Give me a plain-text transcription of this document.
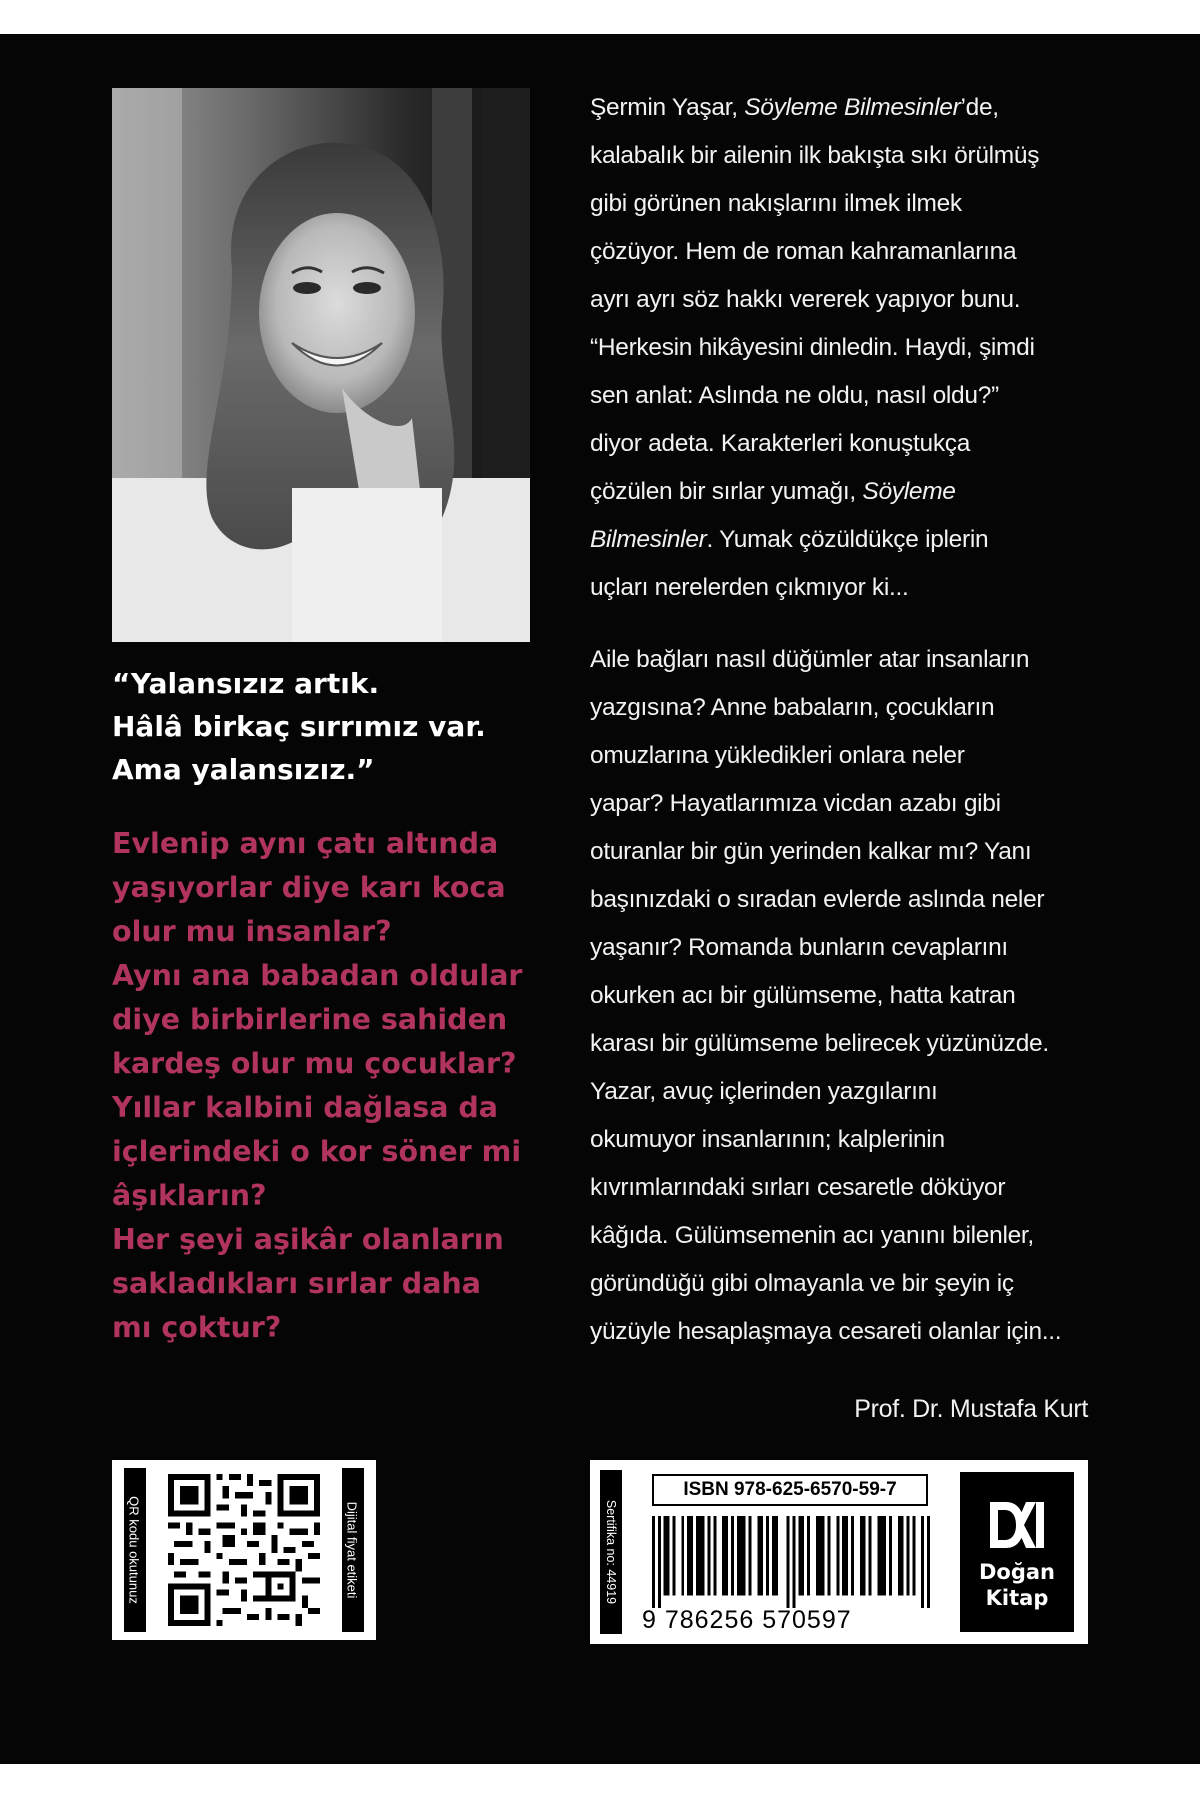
“Yalansızız artık.
Hâlâ birkaç sırrımız var.
Ama yalansızız.”
Evlenip aynı çatı altında
yaşıyorlar diye karı koca
olur mu insanlar?
Aynı ana babadan oldular
diye birbirlerine sahiden
kardeş olur mu çocuklar?
Yıllar kalbini dağlasa da
içlerindeki o kor söner mi
âşıkların?
Her şeyi aşikâr olanların
sakladıkları sırlar daha
mı çoktur?
Şermin Yaşar, Söyleme Bilmesinler’de,
kalabalık bir ailenin ilk bakışta sıkı örülmüş
gibi görünen nakışlarını ilmek ilmek
çözüyor. Hem de roman kahramanlarına
ayrı ayrı söz hakkı vererek yapıyor bunu.
“Herkesin hikâyesini dinledin. Haydi, şimdi
sen anlat: Aslında ne oldu, nasıl oldu?”
diyor adeta. Karakterleri konuştukça
çözülen bir sırlar yumağı, Söyleme
Bilmesinler. Yumak çözüldükçe iplerin
uçları nerelerden çıkmıyor ki...
Aile bağları nasıl düğümler atar insanların
yazgısına? Anne babaların, çocukların
omuzlarına yükledikleri onlara neler
yapar? Hayatlarımıza vicdan azabı gibi
oturanlar bir gün yerinden kalkar mı? Yanı
başınızdaki o sıradan evlerde aslında neler
yaşanır? Romanda bunların cevaplarını
okurken acı bir gülümseme, hatta katran
karası bir gülümseme belirecek yüzünüzde.
Yazar, avuç içlerinden yazgılarını
okumuyor insanlarının; kalplerinin
kıvrımlarındaki sırları cesaretle döküyor
kâğıda. Gülümsemenin acı yanını bilenler,
göründüğü gibi olmayanla ve bir şeyin iç
yüzüyle hesaplaşmaya cesareti olanlar için...
Prof. Dr. Mustafa Kurt
QR kodu okutunuz	Dijital fiyat etiketi	Sertifika no: 44919
ISBN 978-625-6570-59-7
9 786256 570597
Doğan
Kitap
